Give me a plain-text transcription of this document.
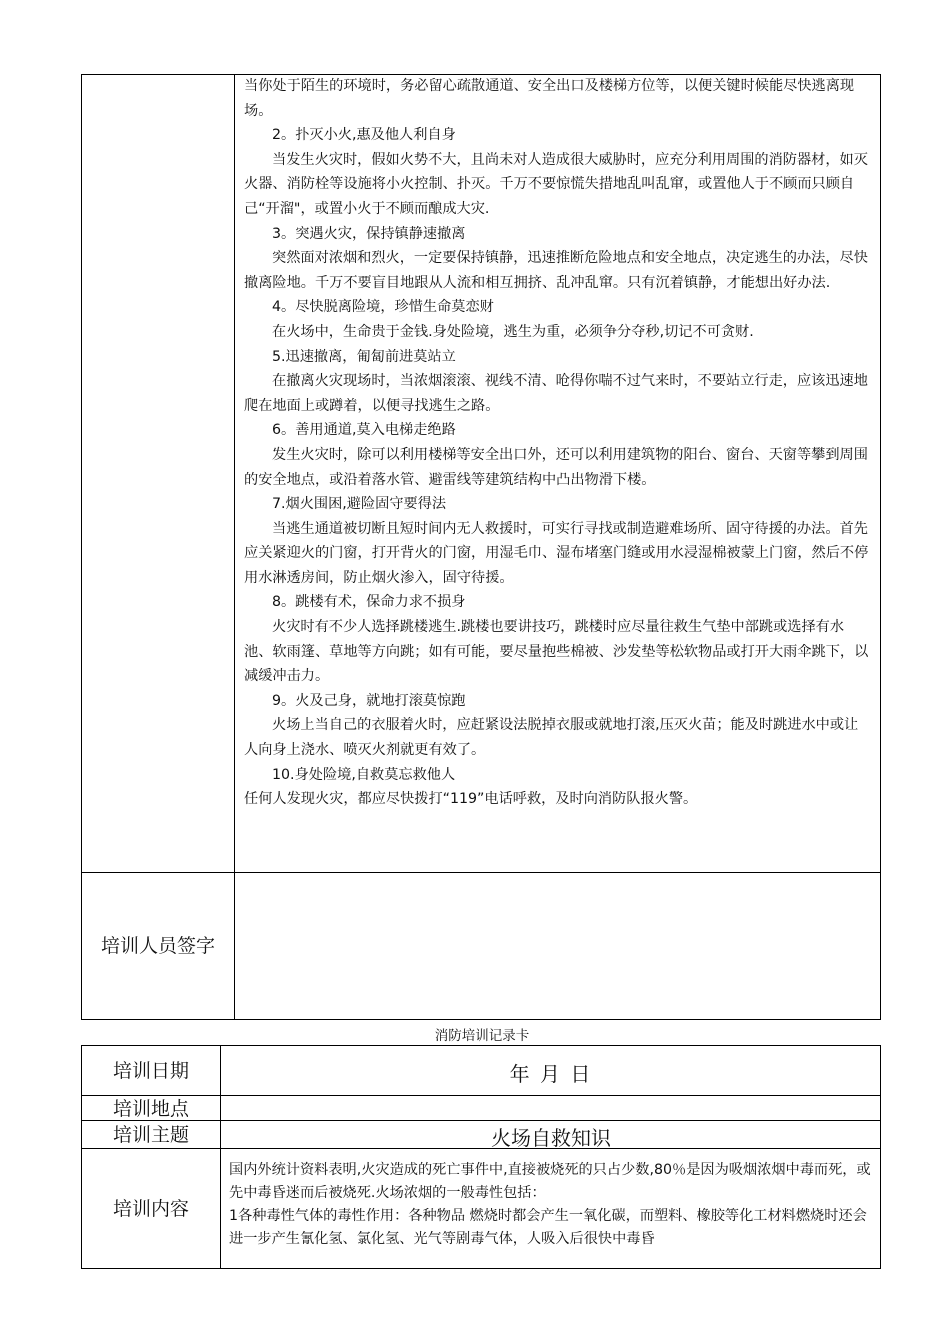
当你处于陌生的环境时，务必留心疏散通道、安全出口及楼梯方位等，以便关键时候能尽快逃离现场。

2。扑灭小火,惠及他人利自身

当发生火灾时，假如火势不大，且尚未对人造成很大威胁时，应充分利用周围的消防器材，如灭火器、消防栓等设施将小火控制、扑灭。千万不要惊慌失措地乱叫乱窜，或置他人于不顾而只顾自己“开溜"，或置小火于不顾而酿成大灾.

3。突遇火灾，保持镇静速撤离

突然面对浓烟和烈火，一定要保持镇静，迅速推断危险地点和安全地点，决定逃生的办法，尽快撤离险地。千万不要盲目地跟从人流和相互拥挤、乱冲乱窜。只有沉着镇静，才能想出好办法.

4。尽快脱离险境，珍惜生命莫恋财

在火场中，生命贵于金钱.身处险境，逃生为重，必须争分夺秒,切记不可贪财.

5.迅速撤离，匍匐前进莫站立

在撤离火灾现场时，当浓烟滚滚、视线不清、呛得你喘不过气来时，不要站立行走，应该迅速地爬在地面上或蹲着，以便寻找逃生之路。

6。善用通道,莫入电梯走绝路

发生火灾时，除可以利用楼梯等安全出口外，还可以利用建筑物的阳台、窗台、天窗等攀到周围的安全地点，或沿着落水管、避雷线等建筑结构中凸出物滑下楼。

7.烟火围困,避险固守要得法

当逃生通道被切断且短时间内无人救援时，可实行寻找或制造避难场所、固守待援的办法。首先应关紧迎火的门窗，打开背火的门窗，用湿毛巾、湿布堵塞门缝或用水浸湿棉被蒙上门窗，然后不停用水淋透房间，防止烟火渗入，固守待援。

8。跳楼有术，保命力求不损身

火灾时有不少人选择跳楼逃生.跳楼也要讲技巧，跳楼时应尽量往救生气垫中部跳或选择有水池、软雨篷、草地等方向跳；如有可能，要尽量抱些棉被、沙发垫等松软物品或打开大雨伞跳下，以减缓冲击力。

9。火及己身，就地打滚莫惊跑

火场上当自己的衣服着火时，应赶紧设法脱掉衣服或就地打滚,压灭火苗；能及时跳进水中或让人向身上浇水、喷灭火剂就更有效了。

10.身处险境,自救莫忘救他人

任何人发现火灾，都应尽快拨打“119”电话呼救，及时向消防队报火警。

培训人员签字
消防培训记录卡
培训日期	年 月 日
培训地点
培训主题	火场自救知识
培训内容

国内外统计资料表明,火灾造成的死亡事件中,直接被烧死的只占少数,80％是因为吸烟浓烟中毒而死，或先中毒昏迷而后被烧死.火场浓烟的一般毒性包括：

1各种毒性气体的毒性作用：各种物品 燃烧时都会产生一氧化碳，而塑料、橡胶等化工材料燃烧时还会进一步产生氰化氢、氯化氢、光气等剧毒气体，人吸入后很快中毒昏
